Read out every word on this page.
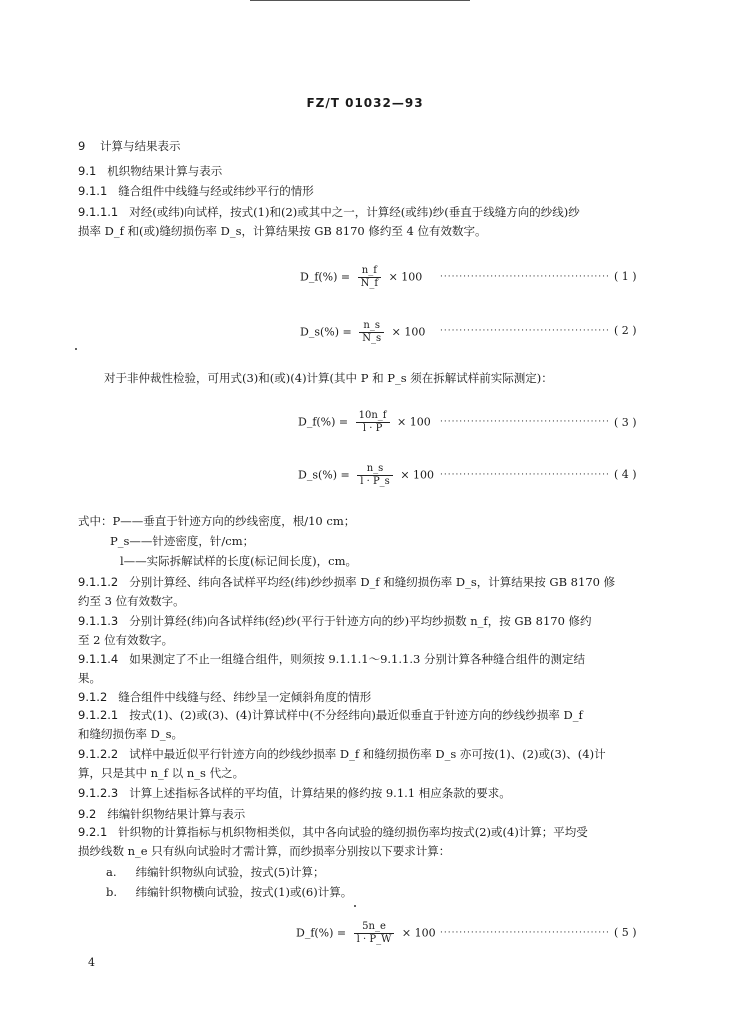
FZ/T 01032—93
9 计算与结果表示
9.1 机织物结果计算与表示
9.1.1 缝合组件中线缝与经或纬纱平行的情形
9.1.1.1 对经(或纬)向试样，按式(1)和(2)或其中之一，计算经(或纬)纱(垂直于线缝方向的纱线)纱
损率 D_f 和(或)缝纫损伤率 D_s，计算结果按 GB 8170 修约至 4 位有效数字。
D_f(%) = $\frac{n\_f}{N\_f} \times 100$ ············································ ( 1 )
D_s(%) = $\frac{n\_s}{N\_s} \times 100$ ············································ ( 2 )
对于非仲裁性检验，可用式(3)和(或)(4)计算(其中 P 和 P_s 须在拆解试样前实际测定)：
D_f(%) = $\frac{10n\_f}{l \cdot P} \times 100$ ············································ ( 3 )
D_s(%) = $\frac{n\_s}{l \cdot P\_s} \times 100$ ············································ ( 4 )
式中：P——垂直于针迹方向的纱线密度，根/10 cm；
P_s——针迹密度，针/cm；
l——实际拆解试样的长度(标记间长度)，cm。
9.1.1.2 分别计算经、纬向各试样平均经(纬)纱纱损率 D_f 和缝纫损伤率 D_s，计算结果按 GB 8170 修
约至 3 位有效数字。
9.1.1.3 分别计算经(纬)向各试样纬(经)纱(平行于针迹方向的纱)平均纱损数 n_f，按 GB 8170 修约
至 2 位有效数字。
9.1.1.4 如果测定了不止一组缝合组件，则须按 9.1.1.1～9.1.1.3 分别计算各种缝合组件的测定结
果。
9.1.2 缝合组件中线缝与经、纬纱呈一定倾斜角度的情形
9.1.2.1 按式(1)、(2)或(3)、(4)计算试样中(不分经纬向)最近似垂直于针迹方向的纱线纱损率 D_f
和缝纫损伤率 D_s。
9.1.2.2 试样中最近似平行针迹方向的纱线纱损率 D_f 和缝纫损伤率 D_s 亦可按(1)、(2)或(3)、(4)计
算，只是其中 n_f 以 n_s 代之。
9.1.2.3 计算上述指标各试样的平均值，计算结果的修约按 9.1.1 相应条款的要求。
9.2 纬编针织物结果计算与表示
9.2.1 针织物的计算指标与机织物相类似，其中各向试验的缝纫损伤率均按式(2)或(4)计算；平均受
损纱线数 n_e 只有纵向试验时才需计算，而纱损率分别按以下要求计算：
a. 纬编针织物纵向试验，按式(5)计算；
b. 纬编针织物横向试验，按式(1)或(6)计算。
D_f(%) = $\frac{5n\_e}{l \cdot P\_W} \times 100$ ············································ ( 5 )
4
